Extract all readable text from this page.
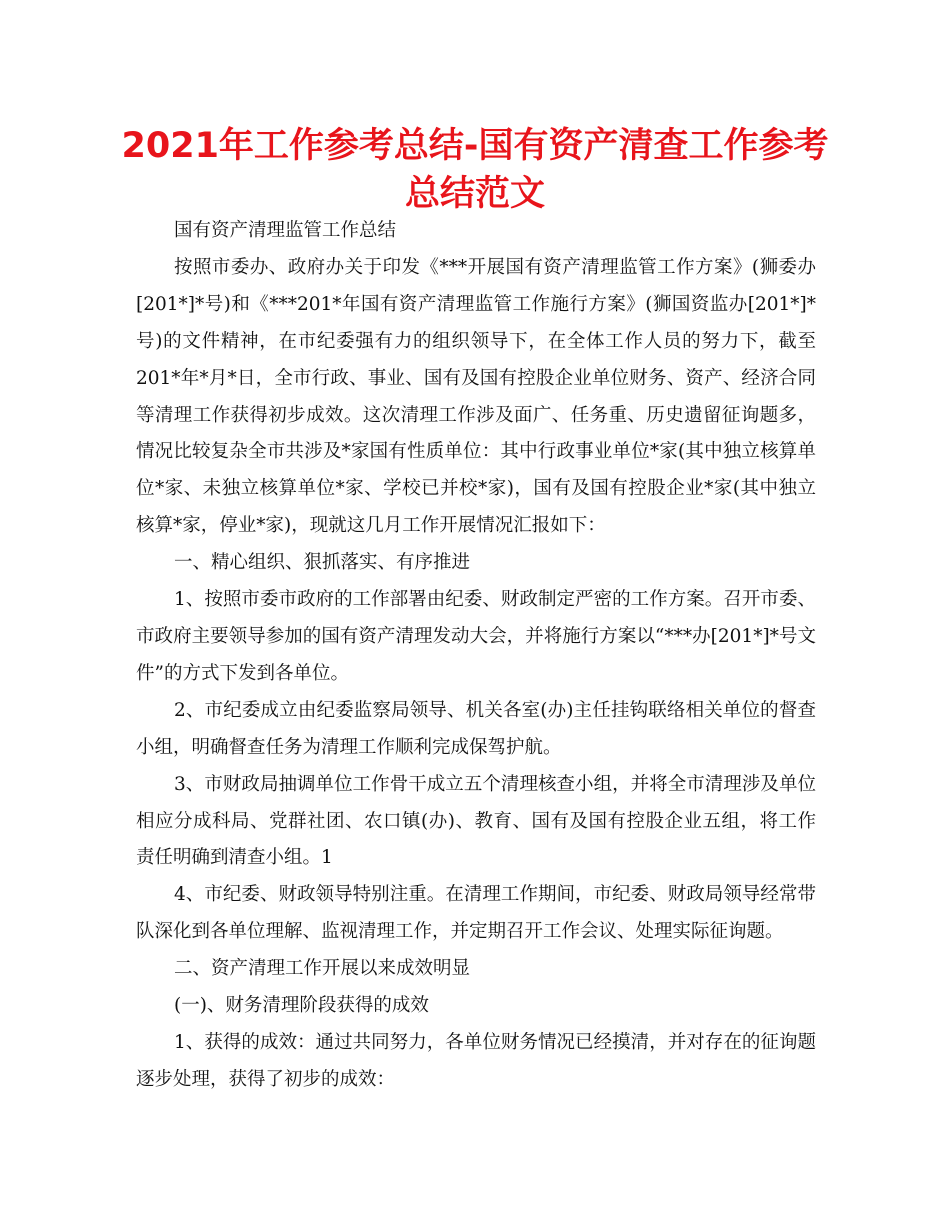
2021年工作参考总结-国有资产清查工作参考总结范文

国有资产清理监管工作总结

按照市委办、政府办关于印发《***开展国有资产清理监管工作方案》(狮委办[201*]*号)和《***201*年国有资产清理监管工作施行方案》(狮国资监办[201*]*号)的文件精神，在市纪委强有力的组织领导下，在全体工作人员的努力下，截至201*年*月*日，全市行政、事业、国有及国有控股企业单位财务、资产、经济合同等清理工作获得初步成效。这次清理工作涉及面广、任务重、历史遗留征询题多，情况比较复杂全市共涉及*家国有性质单位：其中行政事业单位*家(其中独立核算单位*家、未独立核算单位*家、学校已并校*家)，国有及国有控股企业*家(其中独立核算*家，停业*家)，现就这几月工作开展情况汇报如下：

一、精心组织、狠抓落实、有序推进

1、按照市委市政府的工作部署由纪委、财政制定严密的工作方案。召开市委、市政府主要领导参加的国有资产清理发动大会，并将施行方案以“***办[201*]*号文件”的方式下发到各单位。

2、市纪委成立由纪委监察局领导、机关各室(办)主任挂钩联络相关单位的督查小组，明确督查任务为清理工作顺利完成保驾护航。

3、市财政局抽调单位工作骨干成立五个清理核查小组，并将全市清理涉及单位相应分成科局、党群社团、农口镇(办)、教育、国有及国有控股企业五组，将工作责任明确到清查小组。1

4、市纪委、财政领导特别注重。在清理工作期间，市纪委、财政局领导经常带队深化到各单位理解、监视清理工作，并定期召开工作会议、处理实际征询题。

二、资产清理工作开展以来成效明显

(一)、财务清理阶段获得的成效

1、获得的成效：通过共同努力，各单位财务情况已经摸清，并对存在的征询题逐步处理，获得了初步的成效：
